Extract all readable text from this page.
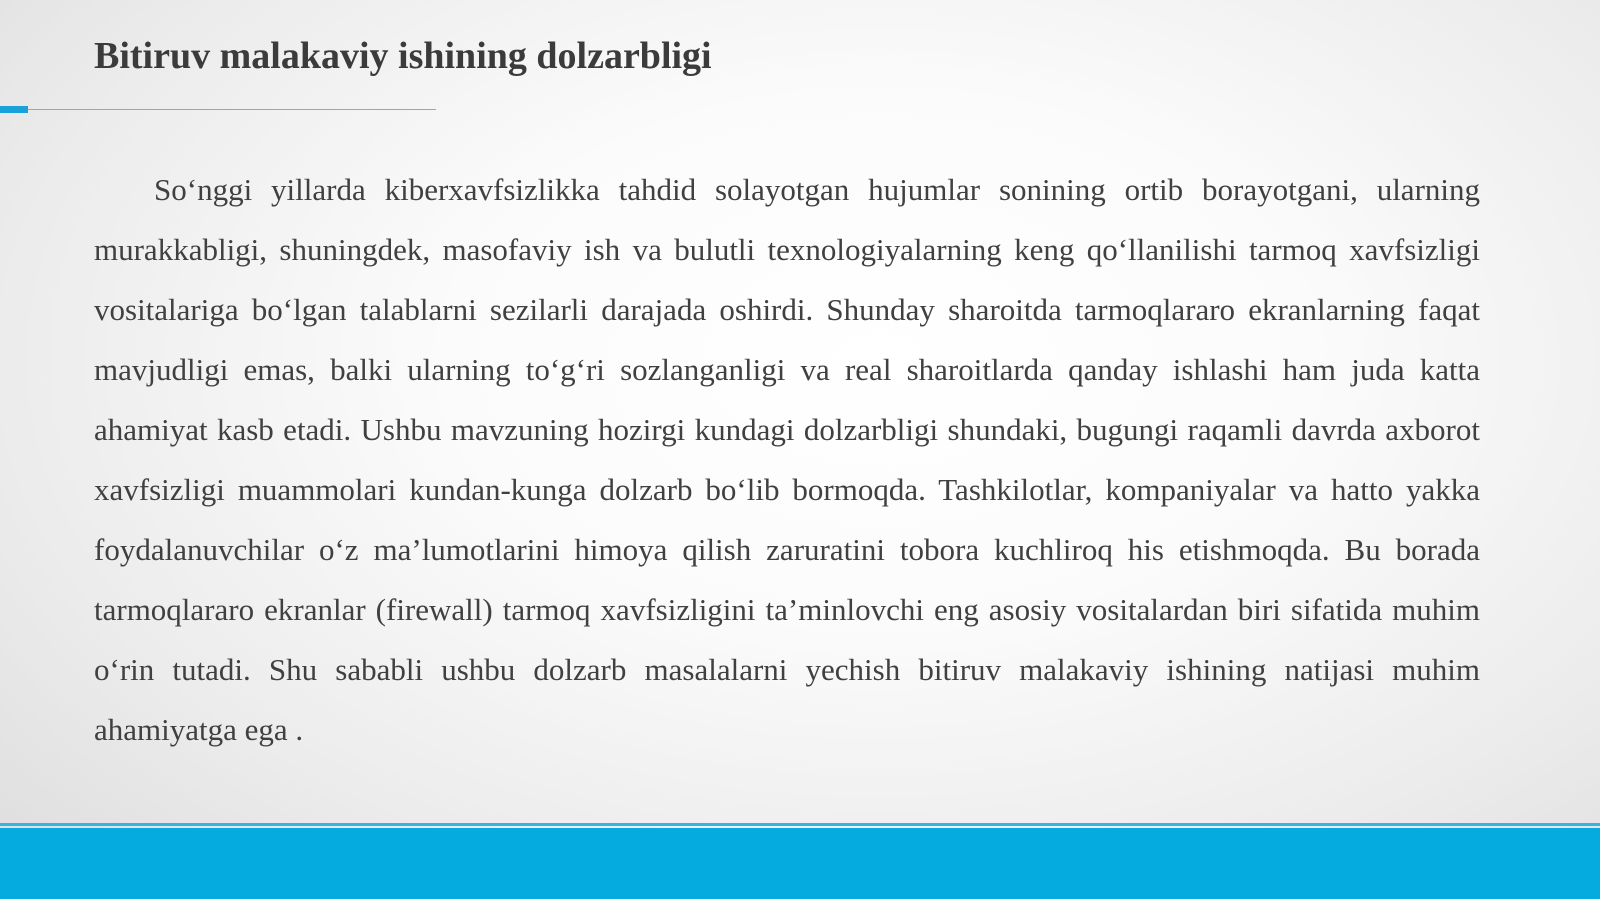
Bitiruv malakaviy ishining dolzarbligi

So‘nggi yillarda kiberxavfsizlikka tahdid solayotgan hujumlar sonining ortib borayotgani, ularning murakkabligi, shuningdek, masofaviy ish va bulutli texnologiyalarning keng qo‘llanilishi tarmoq xavfsizligi vositalariga bo‘lgan talablarni sezilarli darajada oshirdi. Shunday sharoitda tarmoqlararo ekranlarning faqat mavjudligi emas, balki ularning to‘g‘ri sozlanganligi va real sharoitlarda qanday ishlashi ham juda katta ahamiyat kasb etadi. Ushbu mavzuning hozirgi kundagi dolzarbligi shundaki, bugungi raqamli davrda axborot xavfsizligi muammolari kundan-kunga dolzarb bo‘lib bormoqda. Tashkilotlar, kompaniyalar va hatto yakka foydalanuvchilar o‘z ma’lumotlarini himoya qilish zaruratini tobora kuchliroq his etishmoqda. Bu borada tarmoqlararo ekranlar (firewall) tarmoq xavfsizligini ta’minlovchi eng asosiy vositalardan biri sifatida muhim o‘rin tutadi. Shu sababli ushbu dolzarb masalalarni yechish bitiruv malakaviy ishining natijasi muhim ahamiyatga ega .
